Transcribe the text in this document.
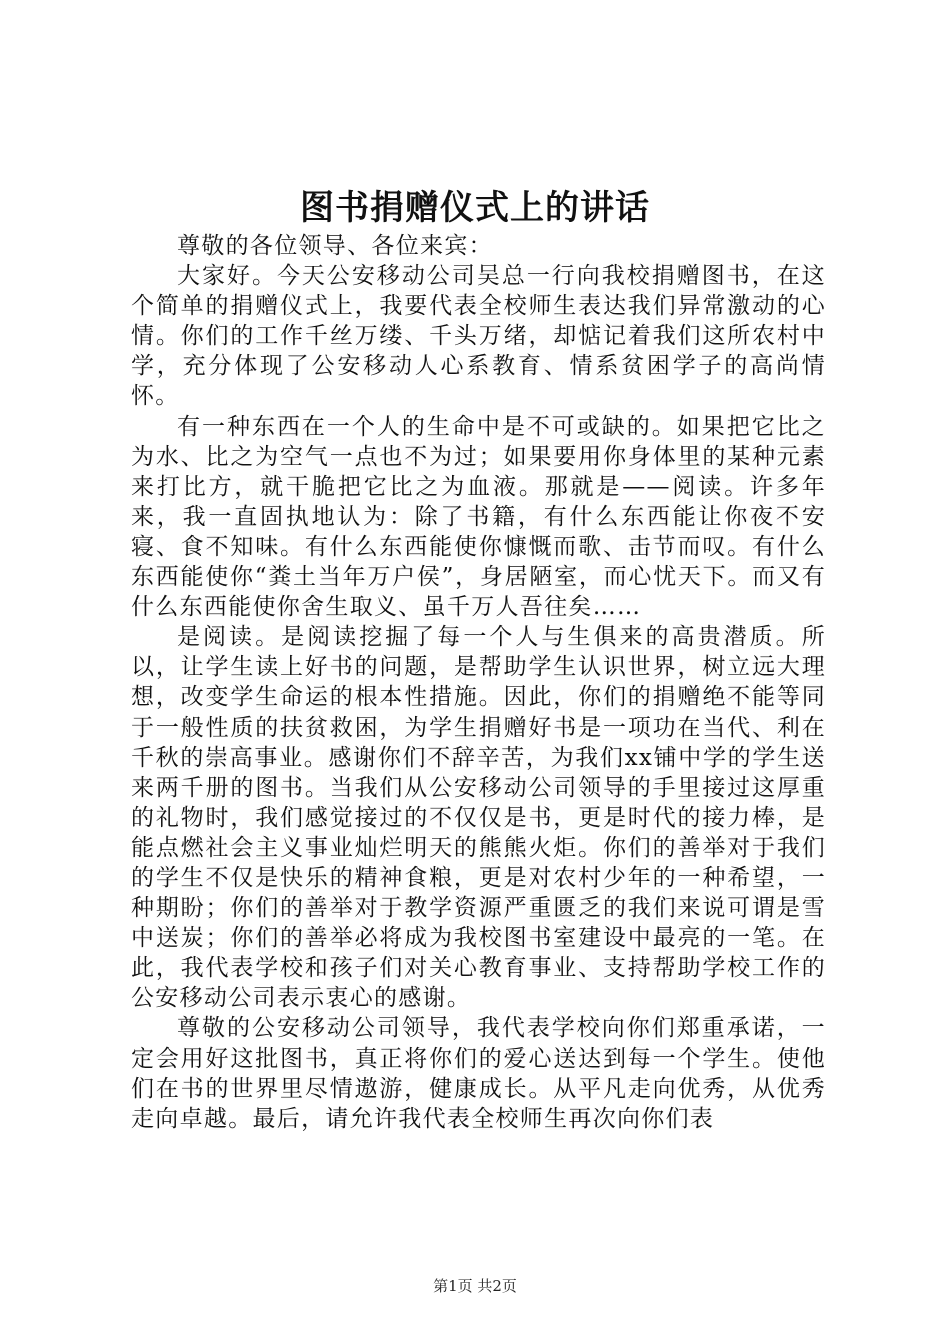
图书捐赠仪式上的讲话

尊敬的各位领导、各位来宾：

大家好。今天公安移动公司吴总一行向我校捐赠图书，在这个简单的捐赠仪式上，我要代表全校师生表达我们异常激动的心情。你们的工作千丝万缕、千头万绪，却惦记着我们这所农村中学，充分体现了公安移动人心系教育、情系贫困学子的高尚情怀。

有一种东西在一个人的生命中是不可或缺的。如果把它比之为水、比之为空气一点也不为过；如果要用你身体里的某种元素来打比方，就干脆把它比之为血液。那就是——阅读。许多年来，我一直固执地认为：除了书籍，有什么东西能让你夜不安寝、食不知味。有什么东西能使你慷慨而歌、击节而叹。有什么东西能使你“粪土当年万户侯”，身居陋室，而心忧天下。而又有什么东西能使你舍生取义、虽千万人吾往矣……

是阅读。是阅读挖掘了每一个人与生俱来的高贵潜质。所以，让学生读上好书的问题，是帮助学生认识世界，树立远大理想，改变学生命运的根本性措施。因此，你们的捐赠绝不能等同于一般性质的扶贫救困，为学生捐赠好书是一项功在当代、利在千秋的崇高事业。感谢你们不辞辛苦，为我们xx铺中学的学生送来两千册的图书。当我们从公安移动公司领导的手里接过这厚重的礼物时，我们感觉接过的不仅仅是书，更是时代的接力棒，是能点燃社会主义事业灿烂明天的熊熊火炬。你们的善举对于我们的学生不仅是快乐的精神食粮，更是对农村少年的一种希望，一种期盼；你们的善举对于教学资源严重匮乏的我们来说可谓是雪中送炭；你们的善举必将成为我校图书室建设中最亮的一笔。在此，我代表学校和孩子们对关心教育事业、支持帮助学校工作的公安移动公司表示衷心的感谢。

尊敬的公安移动公司领导，我代表学校向你们郑重承诺，一定会用好这批图书，真正将你们的爱心送达到每一个学生。使他们在书的世界里尽情遨游，健康成长。从平凡走向优秀，从优秀走向卓越。最后，请允许我代表全校师生再次向你们表

第1页 共2页
